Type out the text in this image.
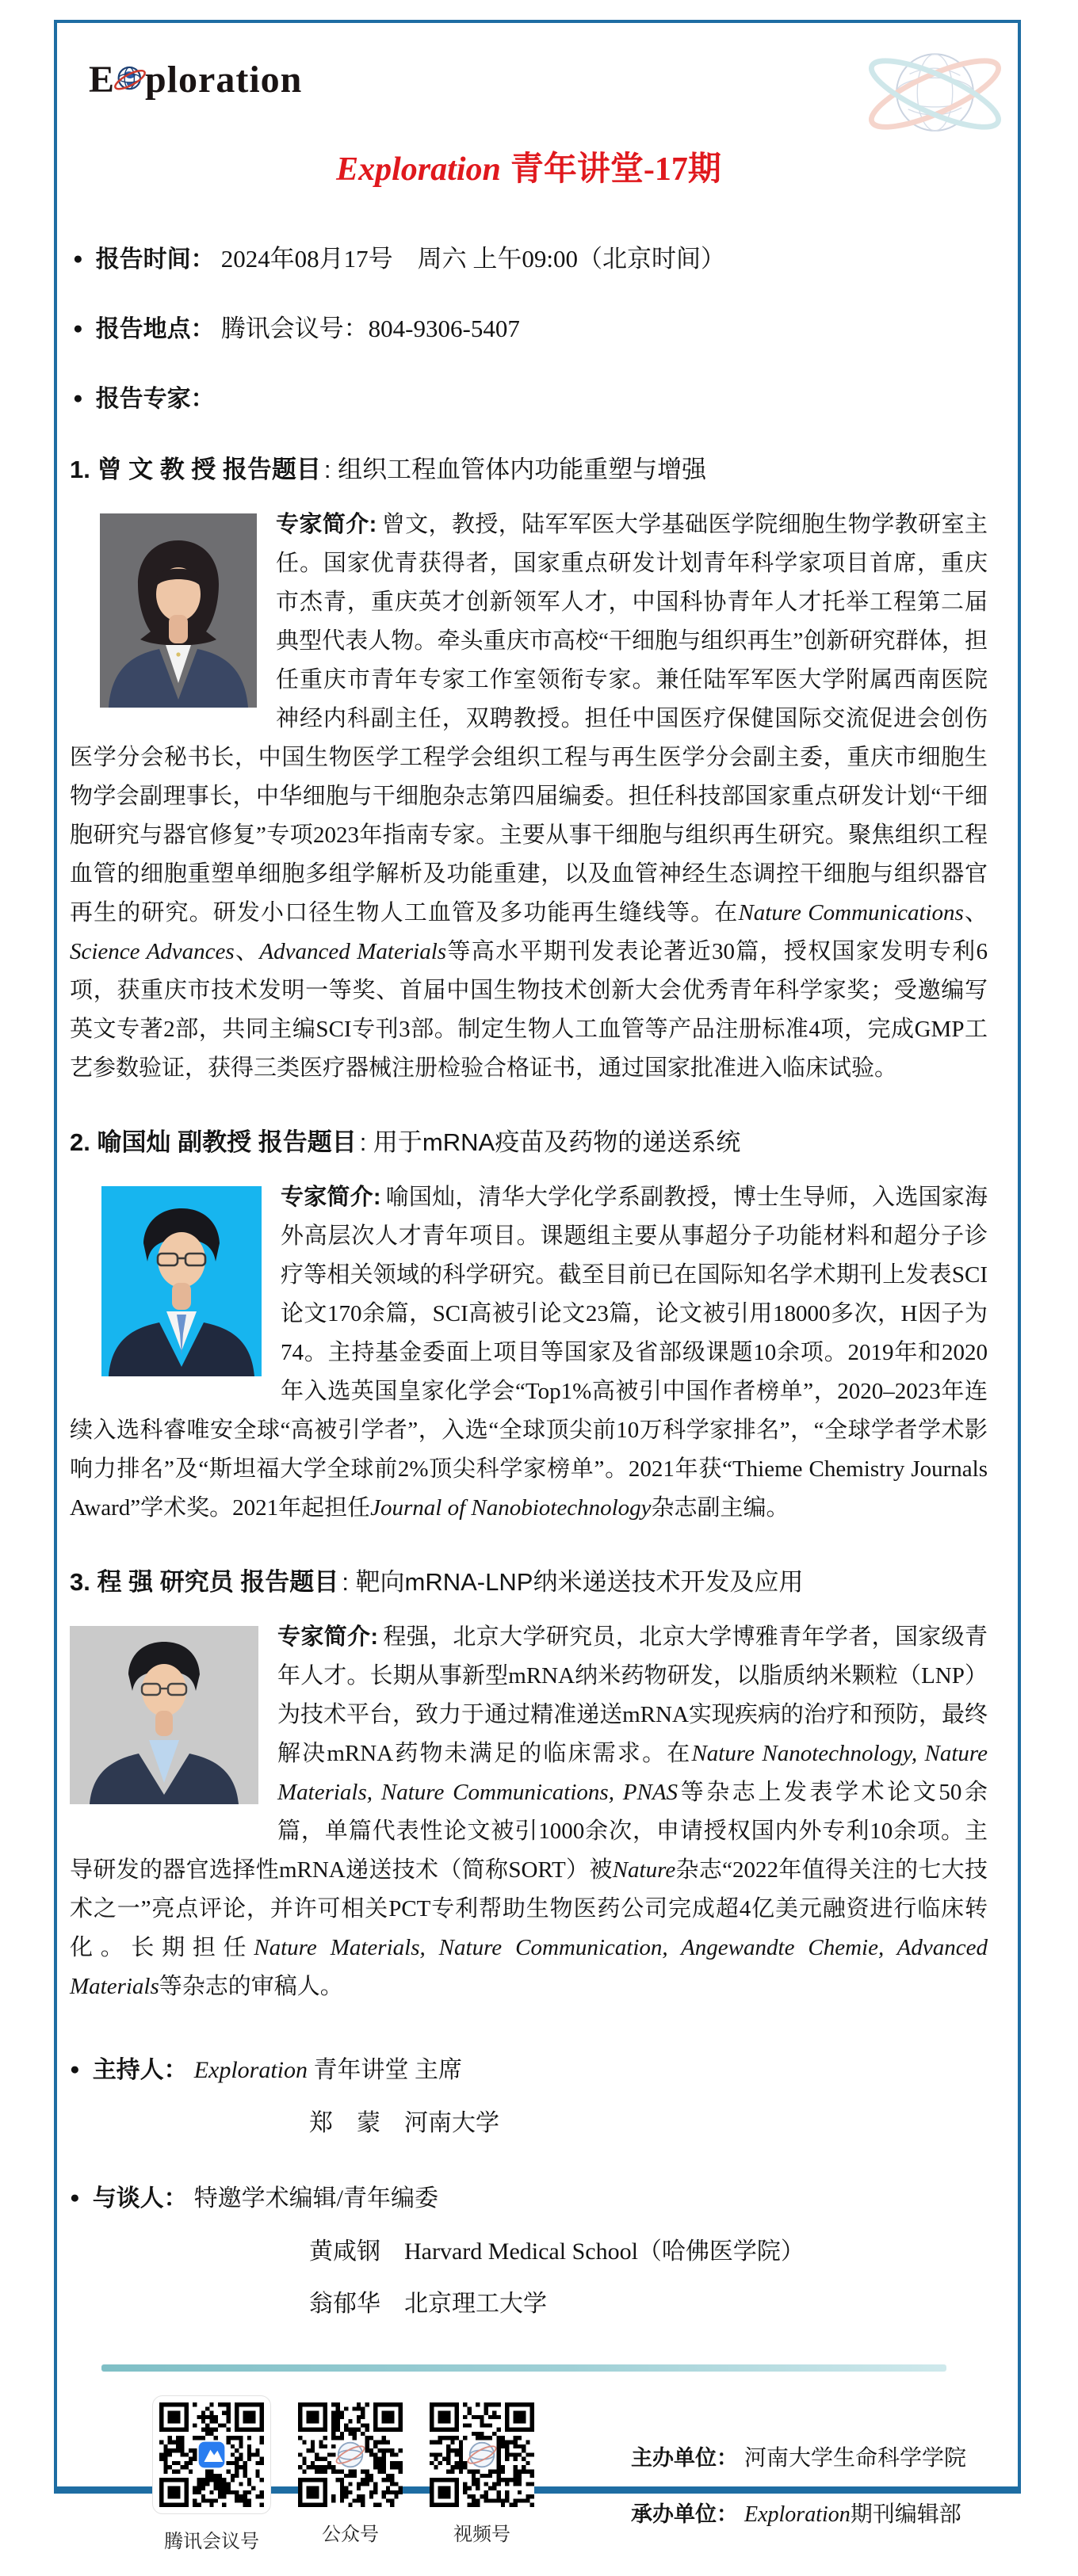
E ploration
Exploration 青年讲堂-17期
● 报告时间： 2024年08月17号　周六 上午09:00（北京时间）
● 报告地点： 腾讯会议号：804-9306-5407
● 报告专家：
1. 曾 文 教 授 报告题目 : 组织工程血管体内功能重塑与增强

专家简介: 曾文，教授，陆军军医大学基础医学院细胞生物学教研室主任。国家优青获得者，国家重点研发计划青年科学家项目首席，重庆市杰青，重庆英才创新领军人才，中国科协青年人才托举工程第二届典型代表人物。牵头重庆市高校“干细胞与组织再生”创新研究群体，担任重庆市青年专家工作室领衔专家。兼任陆军军医大学附属西南医院神经内科副主任，双聘教授。担任中国医疗保健国际交流促进会创伤医学分会秘书长，中国生物医学工程学会组织工程与再生医学分会副主委，重庆市细胞生物学会副理事长，中华细胞与干细胞杂志第四届编委。担任科技部国家重点研发计划“干细胞研究与器官修复”专项2023年指南专家。主要从事干细胞与组织再生研究。聚焦组织工程血管的细胞重塑单细胞多组学解析及功能重建，以及血管神经生态调控干细胞与组织器官再生的研究。研发小口径生物人工血管及多功能再生缝线等。在Nature Communications、Science Advances、Advanced Materials等高水平期刊发表论著近30篇，授权国家发明专利6项，获重庆市技术发明一等奖、首届中国生物技术创新大会优秀青年科学家奖；受邀编写英文专著2部，共同主编SCI专刊3部。制定生物人工血管等产品注册标准4项，完成GMP工艺参数验证，获得三类医疗器械注册检验合格证书，通过国家批准进入临床试验。

2. 喻国灿 副教授 报告题目 : 用于mRNA疫苗及药物的递送系统

专家简介: 喻国灿，清华大学化学系副教授，博士生导师，入选国家海外高层次人才青年项目。课题组主要从事超分子功能材料和超分子诊疗等相关领域的科学研究。截至目前已在国际知名学术期刊上发表SCI论文170余篇，SCI高被引论文23篇，论文被引用18000多次，H因子为74。主持基金委面上项目等国家及省部级课题10余项。2019年和2020年入选英国皇家化学会“Top1%高被引中国作者榜单”，2020–2023年连续入选科睿唯安全球“高被引学者”，入选“全球顶尖前10万科学家排名”，“全球学者学术影响力排名”及“斯坦福大学全球前2%顶尖科学家榜单”。2021年获“Thieme Chemistry Journals Award”学术奖。2021年起担任Journal of Nanobiotechnology杂志副主编。

3. 程 强 研究员 报告题目 : 靶向mRNA-LNP纳米递送技术开发及应用

专家简介: 程强，北京大学研究员，北京大学博雅青年学者，国家级青年人才。长期从事新型mRNA纳米药物研发，以脂质纳米颗粒（LNP）为技术平台，致力于通过精准递送mRNA实现疾病的治疗和预防，最终解决mRNA药物未满足的临床需求。在Nature Nanotechnology, Nature Materials, Nature Communications, PNAS等杂志上发表学术论文50余篇，单篇代表性论文被引1000余次，申请授权国内外专利10余项。主导研发的器官选择性mRNA递送技术（简称SORT）被Nature杂志“2022年值得关注的七大技术之一”亮点评论，并许可相关PCT专利帮助生物医药公司完成超4亿美元融资进行临床转化。长期担任Nature Materials, Nature Communication, Angewandte Chemie, Advanced Materials等杂志的审稿人。

● 主持人： Exploration 青年讲堂 主席
郑　蒙　河南大学
● 与谈人： 特邀学术编辑/青年编委
黄咸钢　Harvard Medical School（哈佛医学院）
翁郁华　北京理工大学
腾讯会议号	公众号	视频号
主办单位： 河南大学生命科学学院
承办单位： Exploration期刊编辑部
